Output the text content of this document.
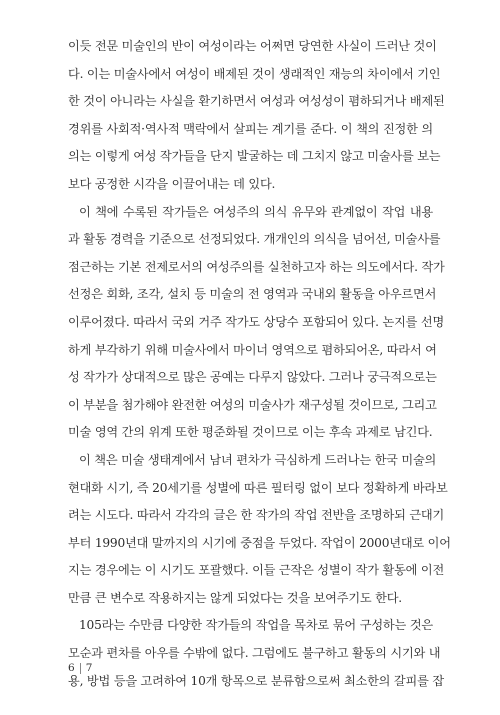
이듯 전문 미술인의 반이 여성이라는 어쩌면 당연한 사실이 드러난 것이
다. 이는 미술사에서 여성이 배제된 것이 생래적인 재능의 차이에서 기인
한 것이 아니라는 사실을 환기하면서 여성과 여성성이 폄하되거나 배제된
경위를 사회적·역사적 맥락에서 살피는 계기를 준다. 이 책의 진정한 의
의는 이렇게 여성 작가들을 단지 발굴하는 데 그치지 않고 미술사를 보는
보다 공정한 시각을 이끌어내는 데 있다.
이 책에 수록된 작가들은 여성주의 의식 유무와 관계없이 작업 내용
과 활동 경력을 기준으로 선정되었다. 개개인의 의식을 넘어선, 미술사를
점근하는 기본 전제로서의 여성주의를 실천하고자 하는 의도에서다. 작가
선정은 회화, 조각, 설치 등 미술의 전 영역과 국내외 활동을 아우르면서
이루어졌다. 따라서 국외 거주 작가도 상당수 포함되어 있다. 논지를 선명
하게 부각하기 위해 미술사에서 마이너 영역으로 폄하되어온, 따라서 여
성 작가가 상대적으로 많은 공예는 다루지 않았다. 그러나 궁극적으로는
이 부분을 첨가해야 완전한 여성의 미술사가 재구성될 것이므로, 그리고
미술 영역 간의 위계 또한 평준화될 것이므로 이는 후속 과제로 남긴다.
이 책은 미술 생태계에서 남녀 편차가 극심하게 드러나는 한국 미술의
현대화 시기, 즉 20세기를 성별에 따른 필터링 없이 보다 정확하게 바라보
려는 시도다. 따라서 각각의 글은 한 작가의 작업 전반을 조명하되 근대기
부터 1990년대 말까지의 시기에 중점을 두었다. 작업이 2000년대로 이어
지는 경우에는 이 시기도 포괄했다. 이들 근작은 성별이 작가 활동에 이전
만큼 큰 변수로 작용하지는 않게 되었다는 것을 보여주기도 한다.
105라는 수만큼 다양한 작가들의 작업을 목차로 묶어 구성하는 것은
모순과 편차를 아우를 수밖에 없다. 그럼에도 불구하고 활동의 시기와 내
용, 방법 등을 고려하여 10개 항목으로 분류함으로써 최소한의 갈피를 잡
6 7
